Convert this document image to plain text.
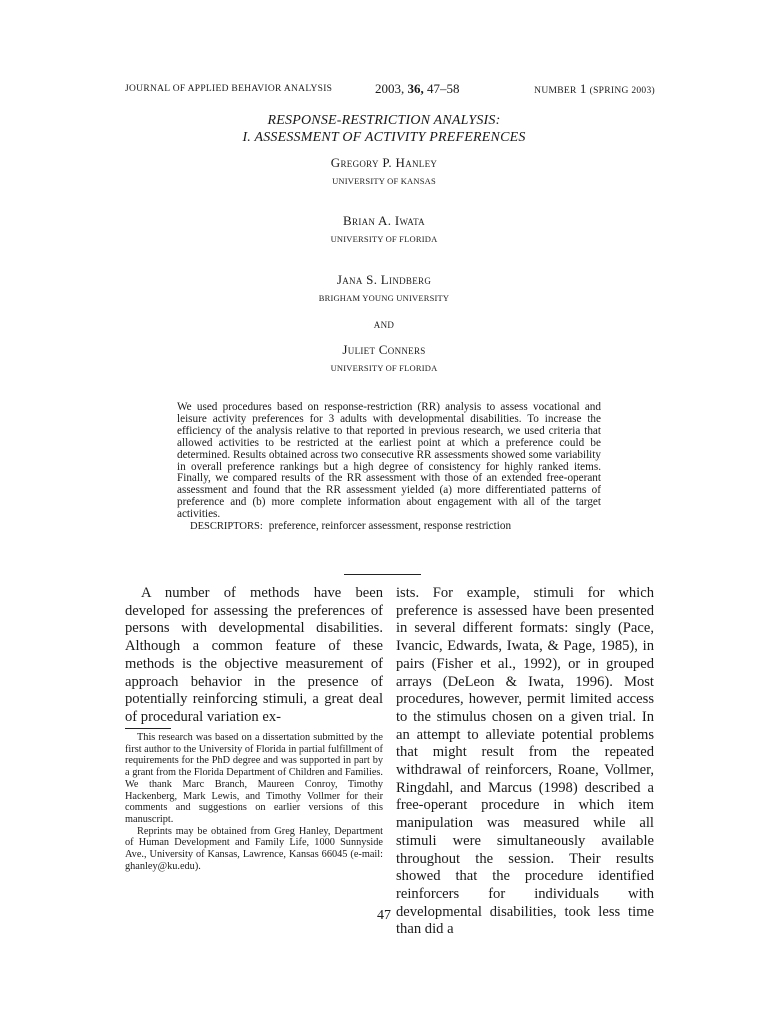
JOURNAL OF APPLIED BEHAVIOR ANALYSIS	2003, 36, 47–58	NUMBER 1 (SPRING 2003)
RESPONSE-RESTRICTION ANALYSIS:
I. ASSESSMENT OF ACTIVITY PREFERENCES
Gregory P. Hanley
UNIVERSITY OF KANSAS
Brian A. Iwata
UNIVERSITY OF FLORIDA
Jana S. Lindberg
BRIGHAM YOUNG UNIVERSITY
AND
Juliet Conners
UNIVERSITY OF FLORIDA

We used procedures based on response-restriction (RR) analysis to assess vocational and leisure activity preferences for 3 adults with developmental disabilities. To increase the efficiency of the analysis relative to that reported in previous research, we used criteria that allowed activities to be restricted at the earliest point at which a preference could be determined. Results obtained across two consecutive RR assessments showed some variability in overall preference rankings but a high degree of consistency for highly ranked items. Finally, we compared results of the RR assessment with those of an extended free-operant assessment and found that the RR assessment yielded (a) more differentiated patterns of preference and (b) more complete information about engagement with all of the target activities.

DESCRIPTORS: preference, reinforcer assessment, response restriction

A number of methods have been developed for assessing the preferences of persons with developmental disabilities. Although a common feature of these methods is the objective measurement of approach behavior in the presence of potentially reinforcing stimuli, a great deal of procedural variation ex-

ists. For example, stimuli for which preference is assessed have been presented in several different formats: singly (Pace, Ivancic, Edwards, Iwata, & Page, 1985), in pairs (Fisher et al., 1992), or in grouped arrays (DeLeon & Iwata, 1996). Most procedures, however, permit limited access to the stimulus chosen on a given trial. In an attempt to alleviate potential problems that might result from the repeated withdrawal of reinforcers, Roane, Vollmer, Ringdahl, and Marcus (1998) described a free-operant procedure in which item manipulation was measured while all stimuli were simultaneously available throughout the session. Their results showed that the procedure identified reinforcers for individuals with developmental disabilities, took less time than did a

This research was based on a dissertation submitted by the first author to the University of Florida in partial fulfillment of requirements for the PhD degree and was supported in part by a grant from the Florida Department of Children and Families. We thank Marc Branch, Maureen Conroy, Timothy Hackenberg, Mark Lewis, and Timothy Vollmer for their comments and suggestions on earlier versions of this manuscript.

Reprints may be obtained from Greg Hanley, Department of Human Development and Family Life, 1000 Sunnyside Ave., University of Kansas, Lawrence, Kansas 66045 (e-mail: ghanley@ku.edu).

47
